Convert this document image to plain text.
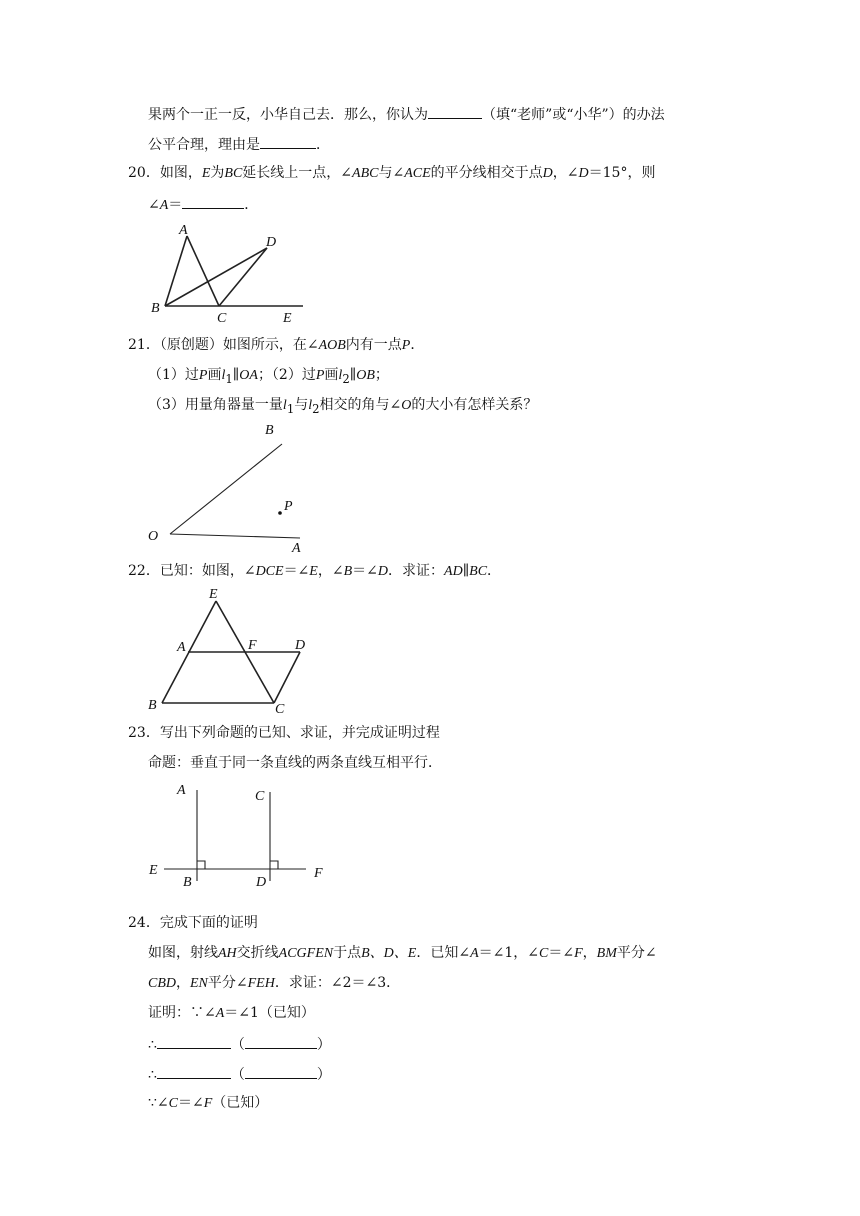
果两个一正一反，小华自己去．那么，你认为	（填“老师”或“小华”）的办法
公平合理，理由是	．
20．如图，E为BC延长线上一点，∠ABC与∠ACE的平分线相交于点D，∠D＝15°，则
∠A＝	．
A
D
B
C	E
21．（原创题）如图所示，在∠AOB内有一点P．
（1）过P画$l_1\parallel OA$；（2）过P画$l_2\parallel OB$；
（3）用量角器量一量$l_1$与$l_2$相交的角与∠O的大小有怎样关系？
B
P
O
A
22．已知：如图，∠DCE＝∠E，∠B＝∠D．求证：AD∥BC．
E
A	F	D
B	C
23．写出下列命题的已知、求证，并完成证明过程
命题：垂直于同一条直线的两条直线互相平行．
A	C
E
B	D
F
24．完成下面的证明
如图，射线AH交折线ACGFEN于点B、D、E．已知∠A＝∠1，∠C＝∠F，BM平分∠
CBD，EN平分∠FEH．求证：∠2＝∠3．
证明：∵∠A＝∠1（已知）
∴	（	）
∴	（	）
∵∠C＝∠F（已知）
